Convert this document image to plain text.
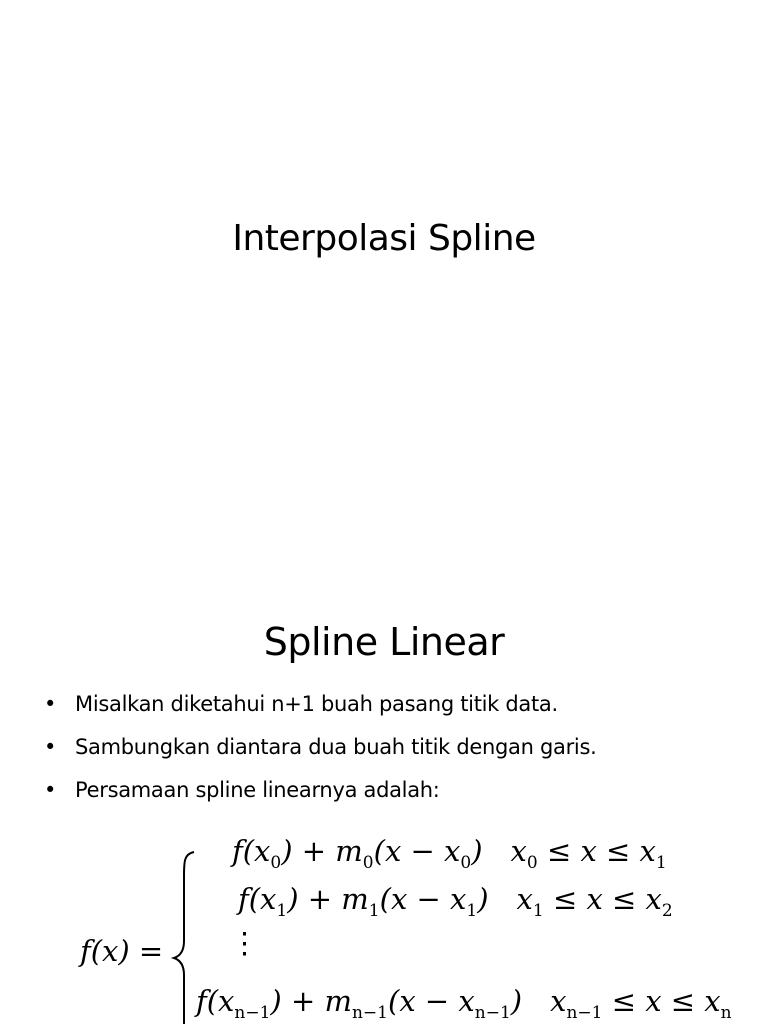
Interpolasi Spline
Spline Linear
• Misalkan diketahui n+1 buah pasang titik data.
• Sambungkan diantara dua buah titik dengan garis.
• Persamaan spline linearnya adalah:
f(x) =
$f(x_0) + m_0(x - x_0) x_0 \le x \le x_1$
$f(x_1) + m_1(x - x_1) x_1 \le x \le x_2$
⋮
$f(x_{n-1}) + m_{n-1}(x - x_{n-1}) x_{n-1} \le x \le x_n$
